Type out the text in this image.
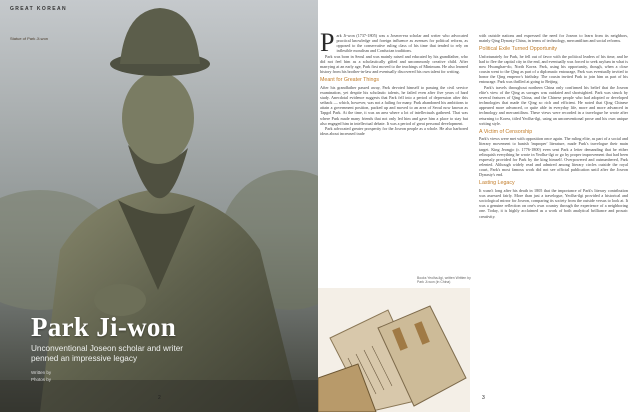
GREAT KOREAN
Statue of Park Ji-won
Park Ji-won
Unconventional Joseon scholar and writer penned an impressive legacy
Written by
Photos by
2

Park Ji-won (1737-1805) was a Joseon-era scholar and writer who advocated practical knowledge and foreign influence as avenues for political reform, as opposed to the conservative ruling class of his time that tended to rely on inflexible moralism and Confucian traditions.

Park was born in Seoul and was mainly raised and educated by his grandfather, who did not feel him as a scholastically gifted and uncommonly creative child. After marrying at an early age, Park first moved to the teachings of Minimum. He also learned history from his brother-in-law and eventually discovered his own talent for writing.

Meant for Greater Things

After his grandfather passed away, Park devoted himself to passing the civil service examination, yet despite his scholastic talents, he failed even after five years of hard study. Anecdotal evidence suggests that Park fell into a period of depression after this setback — which, however, was not a failing for many. Park abandoned his ambitions to attain a government position, packed up and moved to an area of Seoul now known as Tapgol Park. At the time, it was an area where a lot of intellectuals gathered. That was where Park made many friends that not only led him and gave him a place to stay but also engaged him in intellectual debate. It was a period of great personal development.

Park advocated greater prosperity for the Joseon people as a whole. He also harbored ideas about increased trade

Books Yeolha-ilgi, written Written by Park Ji-won (in China)

with outside nations and expressed the need for Joseon to learn from its neighbors, mainly Qing Dynasty China, in terms of technology, mercantilism and social reforms.

Political Exile Turned Opportunity

Unfortunately for Park, he fell out of favor with the political leaders of his time, and he had to flee the capital city in the end, and eventually was forced to seek asylum in what is now Hwanghae-do, North Korea. Park, using his opportunity, though, when a close cousin went to the Qing as part of a diplomatic entourage, Park was eventually invited to honor the Qing emperor's birthday. The cousin invited Park to join him as part of his entourage. Park was thrilled at going to Beijing.

Park's travels throughout northern China only confirmed his belief that the Joseon elite's view of the Qing as savages was outdated and shortsighted. Park was struck by several features of Qing China, and the Chinese people who had adopted or developed technologies that made the Qing so rich and efficient. He noted that Qing Chinese appeared more advanced, or quite able in everyday life, more and more advanced in technology and mercantilism. These views were recorded in a travelogue he wrote after returning to Korea, titled Yeolha-ilgi, using an unconventional prose and his own unique writing style.

A Victim of Censorship

Park's views were met with opposition once again. The ruling elite, as part of a social and literary movement to banish 'improper' literature, made Park's travelogue their main target. King Jeongjo (r. 1776-1800) even sent Park a letter demanding that he either relinquish everything he wrote in Yeolha-ilgi or go by proper improvement that had been expressly provided for Park by the king himself. Overpowered and outnumbered, Park relented. Although widely read and admired among literary circles outside the royal court, Park's most famous work did not see official publication until after the Joseon Dynasty's end.

Lasting Legacy

It wasn't long after his death in 1805 that the importance of Park's literary contribution was assessed fairly. More than just a travelogue, Yeolha-ilgi provided a historical and sociological mirror for Joseon, comparing its society from the outside versus to look at. It was a genuine reflection on one's own country through the experience of a neighboring one. Today, it is highly acclaimed as a work of both analytical brilliance and prosaic creativity.

3
